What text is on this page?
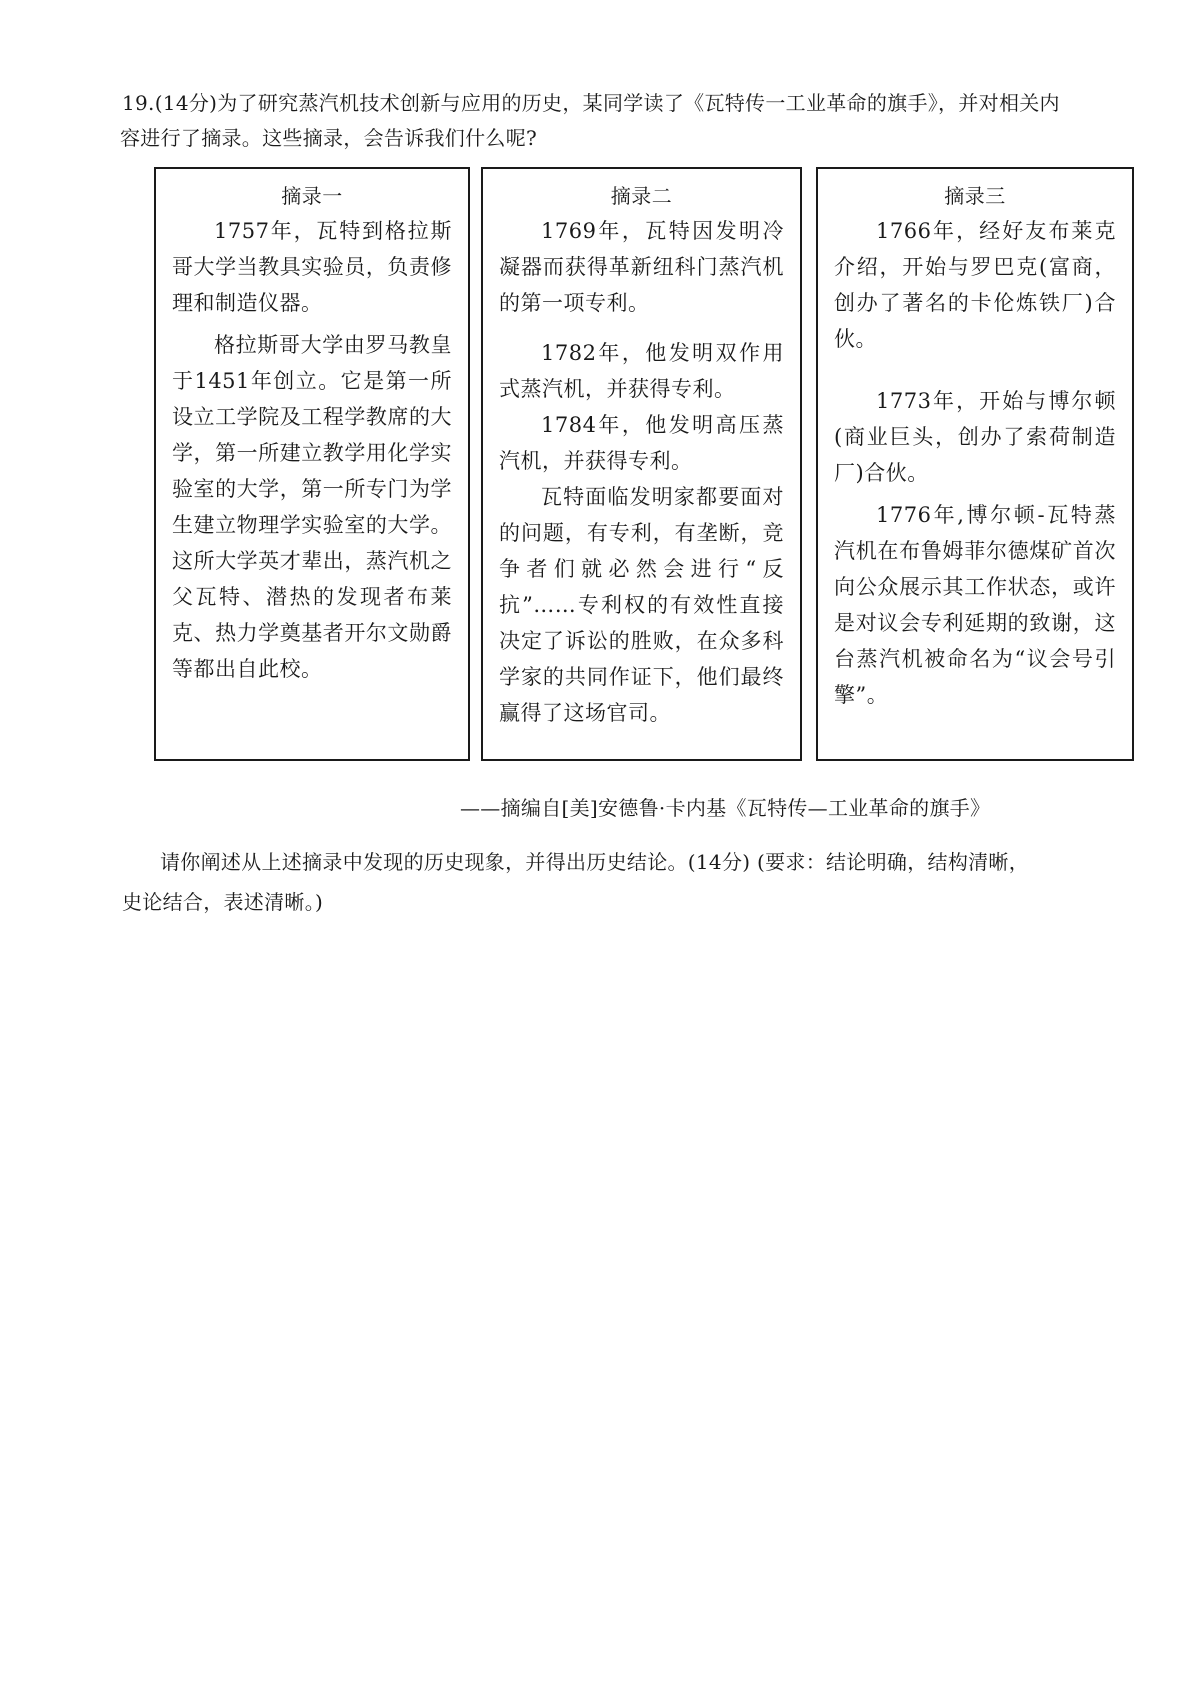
19.(14分)为了研究蒸汽机技术创新与应用的历史，某同学读了《瓦特传一工业革命的旗手》，并对相关内
容进行了摘录。这些摘录，会告诉我们什么呢?
摘录一

1757年，瓦特到格拉斯哥大学当教具实验员，负责修理和制造仪器。

格拉斯哥大学由罗马教皇于1451年创立。它是第一所设立工学院及工程学教席的大学，第一所建立教学用化学实验室的大学，第一所专门为学生建立物理学实验室的大学。这所大学英才辈出，蒸汽机之父瓦特、潜热的发现者布莱克、热力学奠基者开尔文勋爵等都出自此校。

摘录二

1769年，瓦特因发明冷凝器而获得革新纽科门蒸汽机的第一项专利。

1782年，他发明双作用式蒸汽机，并获得专利。

1784年，他发明高压蒸汽机，并获得专利。

瓦特面临发明家都要面对的问题，有专利，有垄断，竞争者们就必然会进行“反抗”……专利权的有效性直接决定了诉讼的胜败，在众多科学家的共同作证下，他们最终赢得了这场官司。

摘录三

1766年，经好友布莱克介绍，开始与罗巴克(富商，创办了著名的卡伦炼铁厂)合伙。

1773年，开始与博尔顿(商业巨头，创办了索荷制造厂)合伙。

1776年,博尔顿-瓦特蒸汽机在布鲁姆菲尔德煤矿首次向公众展示其工作状态，或许是对议会专利延期的致谢，这台蒸汽机被命名为“议会号引擎”。

——摘编自[美]安德鲁·卡内基《瓦特传—工业革命的旗手》
请你阐述从上述摘录中发现的历史现象，并得出历史结论。(14分) (要求：结论明确，结构清晰，
史论结合，表述清晰。)
